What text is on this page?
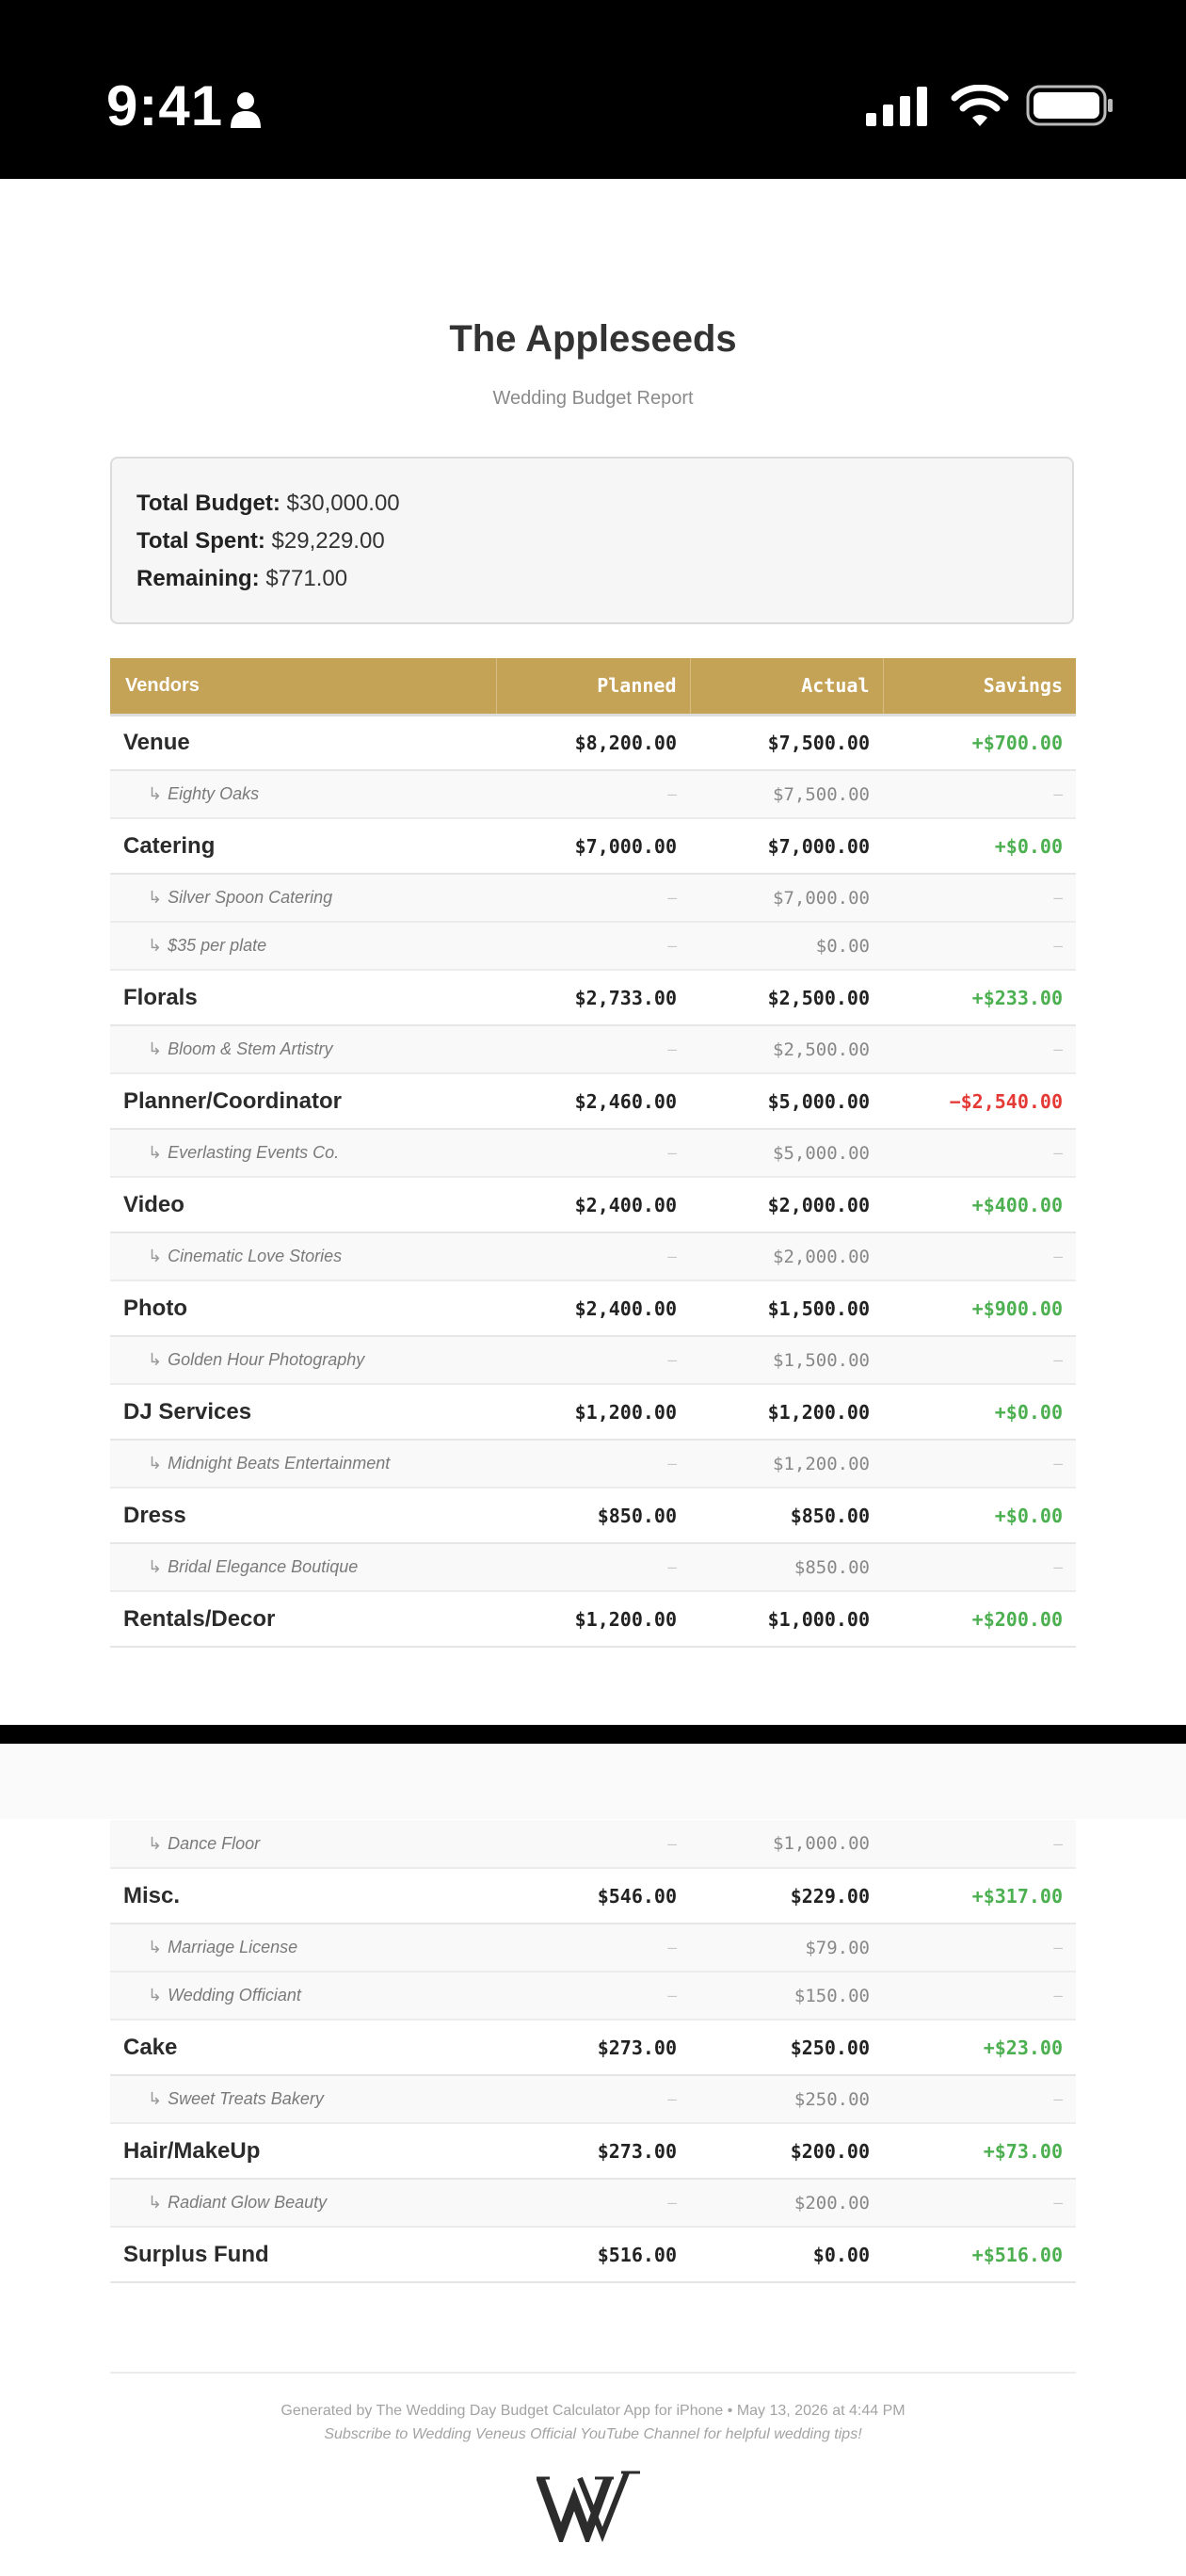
9:41
The Appleseeds
Wedding Budget Report
Total Budget: $30,000.00
Total Spent: $29,229.00
Remaining: $771.00
Vendors	Planned	Actual	Savings
Venue	$8,200.00	$7,500.00	+$700.00
↳ Eighty Oaks	–	$7,500.00	–
Catering	$7,000.00	$7,000.00	+$0.00
↳ Silver Spoon Catering	–	$7,000.00	–
↳ $35 per plate	–	$0.00	–
Florals	$2,733.00	$2,500.00	+$233.00
↳ Bloom & Stem Artistry	–	$2,500.00	–
Planner/Coordinator	$2,460.00	$5,000.00	−$2,540.00
↳ Everlasting Events Co.	–	$5,000.00	–
Video	$2,400.00	$2,000.00	+$400.00
↳ Cinematic Love Stories	–	$2,000.00	–
Photo	$2,400.00	$1,500.00	+$900.00
↳ Golden Hour Photography	–	$1,500.00	–
DJ Services	$1,200.00	$1,200.00	+$0.00
↳ Midnight Beats Entertainment	–	$1,200.00	–
Dress	$850.00	$850.00	+$0.00
↳ Bridal Elegance Boutique	–	$850.00	–
Rentals/Decor	$1,200.00	$1,000.00	+$200.00
↳ Dance Floor	–	$1,000.00	–
Misc.	$546.00	$229.00	+$317.00
↳ Marriage License	–	$79.00	–
↳ Wedding Officiant	–	$150.00	–
Cake	$273.00	$250.00	+$23.00
↳ Sweet Treats Bakery	–	$250.00	–
Hair/MakeUp	$273.00	$200.00	+$73.00
↳ Radiant Glow Beauty	–	$200.00	–
Surplus Fund	$516.00	$0.00	+$516.00
Generated by The Wedding Day Budget Calculator App for iPhone • May 13, 2026 at 4:44 PM
Subscribe to Wedding Veneus Official YouTube Channel for helpful wedding tips!
